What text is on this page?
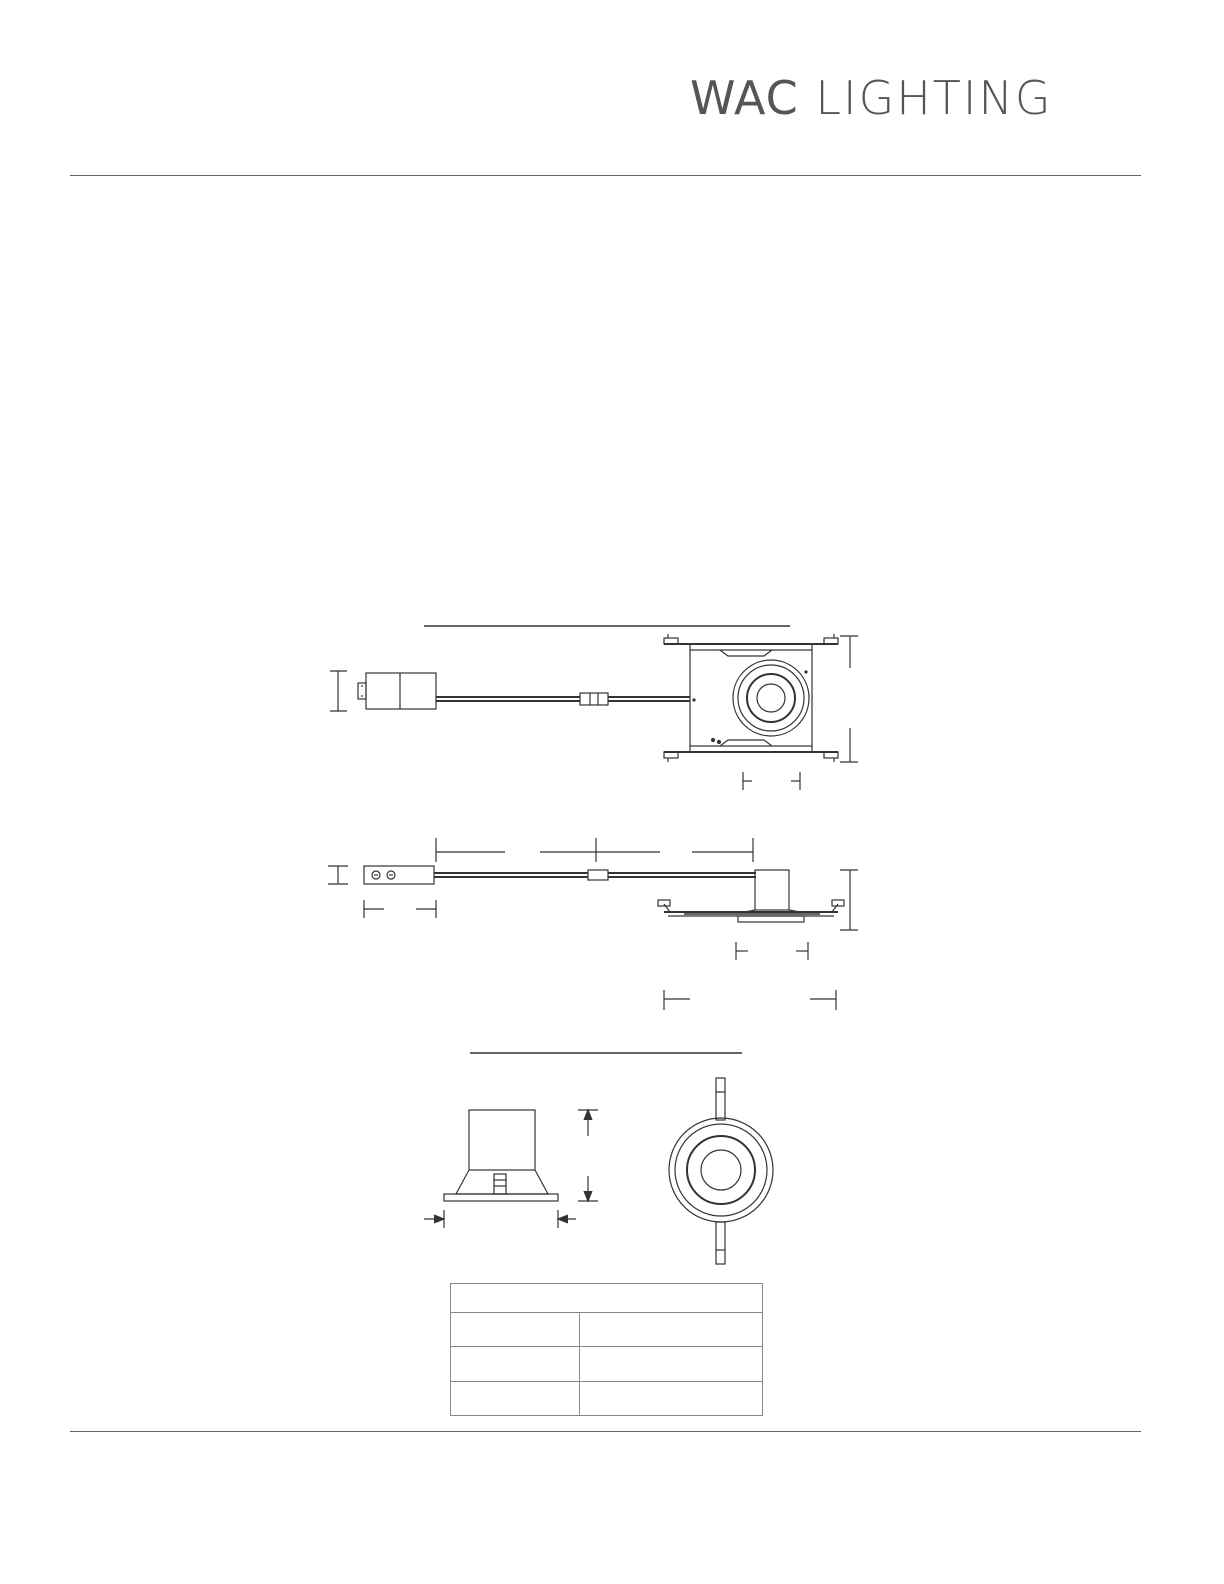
WAC LIGHTING
